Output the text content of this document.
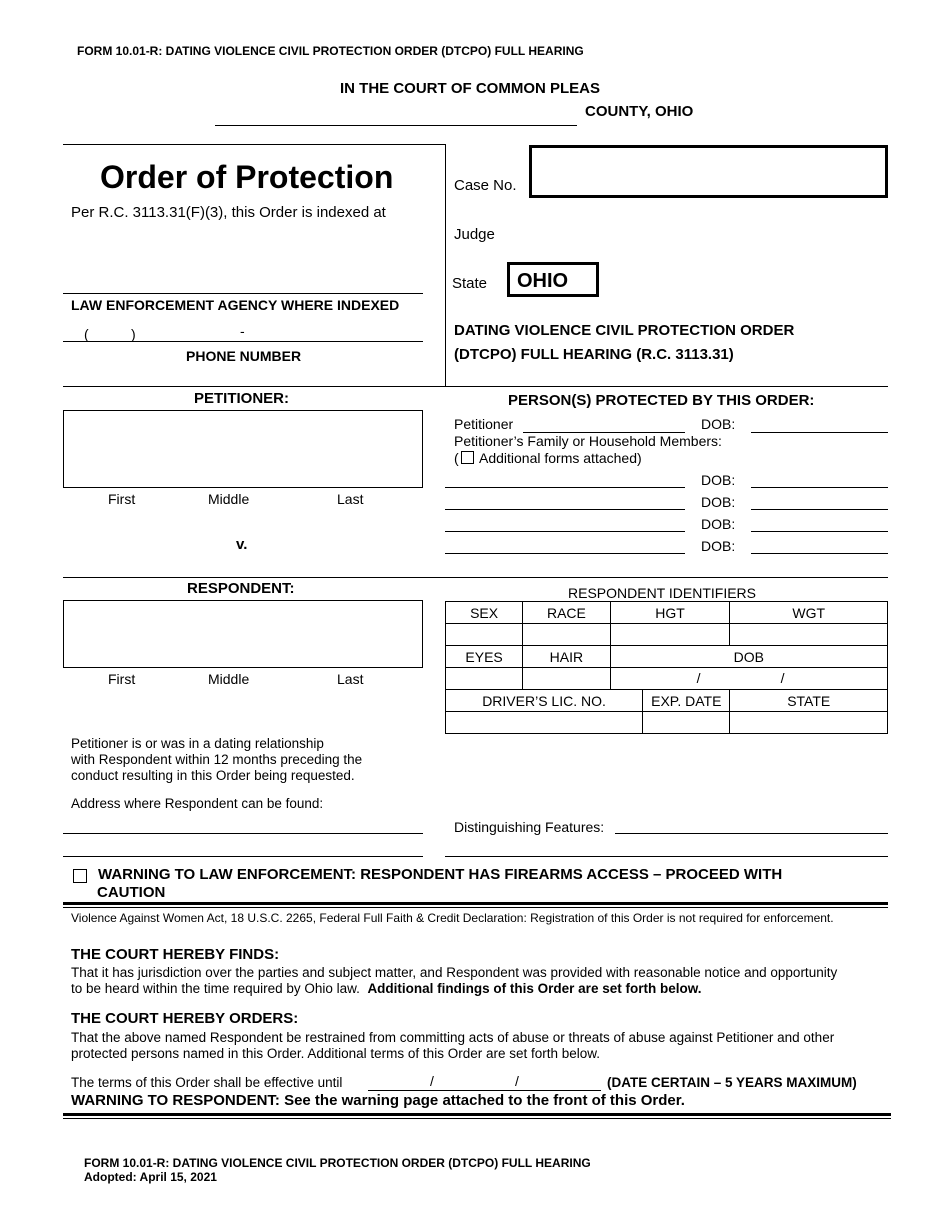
FORM 10.01-R: DATING VIOLENCE CIVIL PROTECTION ORDER (DTCPO) FULL HEARING
IN THE COURT OF COMMON PLEAS
COUNTY, OHIO
Order of Protection
Per R.C. 3113.31(F)(3), this Order is indexed at
LAW ENFORCEMENT AGENCY WHERE INDEXED
(	)	-
PHONE NUMBER
Case No.
Judge
State OHIO
DATING VIOLENCE CIVIL PROTECTION ORDER
(DTCPO) FULL HEARING (R.C. 3113.31)
PETITIONER:
First	Middle	Last
v.
PERSON(S) PROTECTED BY THIS ORDER:
Petitioner	DOB:
Petitioner’s Family or Household Members:
( Additional forms attached)
DOB:
DOB:
DOB:
DOB:
RESPONDENT:
First	Middle	Last
Petitioner is or was in a dating relationship
with Respondent within 12 months preceding the
conduct resulting in this Order being requested.
Address where Respondent can be found:
RESPONDENT IDENTIFIERS
SEX	RACE	HGT		WGT

EYES	HAIR	DOB		

		/ /		

DRIVER’S LIC. NO.			EXP. DATE	STATE

Distinguishing Features:
WARNING TO LAW ENFORCEMENT: RESPONDENT HAS FIREARMS ACCESS – PROCEED WITH
CAUTION
Violence Against Women Act, 18 U.S.C. 2265, Federal Full Faith & Credit Declaration: Registration of this Order is not required for enforcement.
THE COURT HEREBY FINDS:
That it has jurisdiction over the parties and subject matter, and Respondent was provided with reasonable notice and opportunity
to be heard within the time required by Ohio law. Additional findings of this Order are set forth below.
THE COURT HEREBY ORDERS:
That the above named Respondent be restrained from committing acts of abuse or threats of abuse against Petitioner and other
protected persons named in this Order. Additional terms of this Order are set forth below.
The terms of this Order shall be effective until	/	/	(DATE CERTAIN – 5 YEARS MAXIMUM)
WARNING TO RESPONDENT: See the warning page attached to the front of this Order.
FORM 10.01-R: DATING VIOLENCE CIVIL PROTECTION ORDER (DTCPO) FULL HEARING
Adopted: April 15, 2021
